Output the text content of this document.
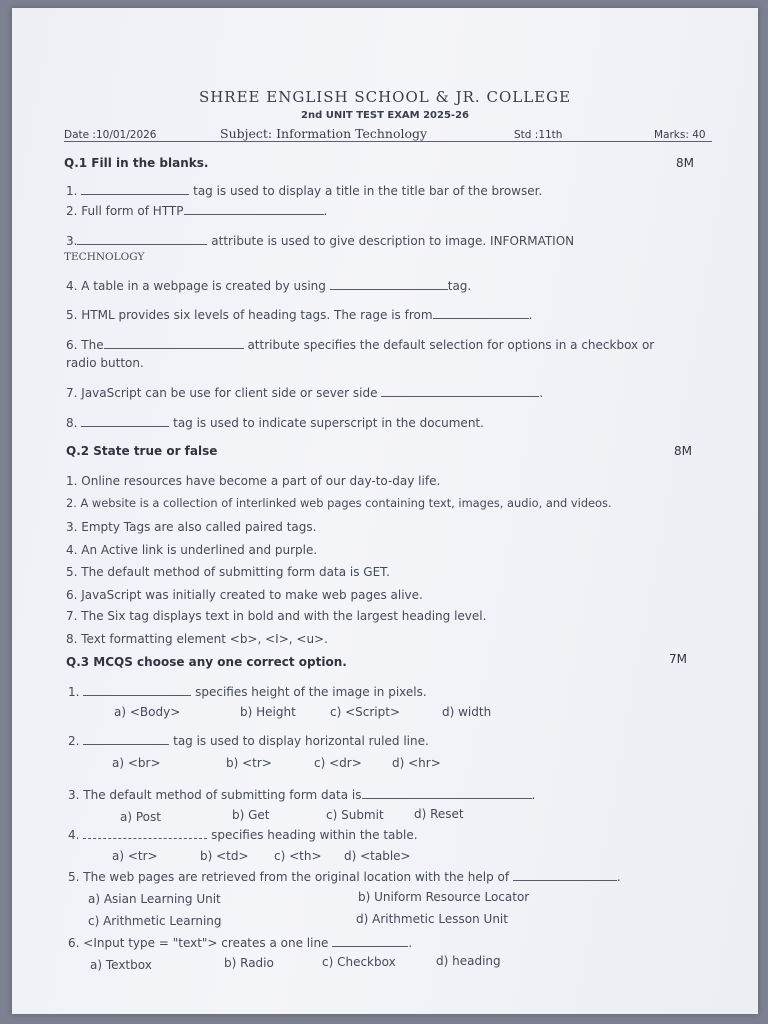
SHREE ENGLISH SCHOOL & JR. COLLEGE
2nd UNIT TEST EXAM 2025-26
Date :10/01/2026	Subject: Information Technology	Std :11th	Marks: 40
Q.1 Fill in the blanks.	8M
1.	tag is used to display a title in the title bar of the browser.
2. Full form of HTTP	.
3.	attribute is used to give description to image. INFORMATION
TECHNOLOGY
4. A table in a webpage is created by using	tag.
5. HTML provides six levels of heading tags. The rage is from	.
6. The	attribute specifies the default selection for options in a checkbox or
radio button.
7. JavaScript can be use for client side or sever side	.
8.	tag is used to indicate superscript in the document.
Q.2 State true or false	8M
1. Online resources have become a part of our day-to-day life.
2. A website is a collection of interlinked web pages containing text, images, audio, and videos.
3. Empty Tags are also called paired tags.
4. An Active link is underlined and purple.
5. The default method of submitting form data is GET.
6. JavaScript was initially created to make web pages alive.
7. The Six tag displays text in bold and with the largest heading level.
8. Text formatting element <b>, <I>, <u>.
Q.3 MCQS choose any one correct option.	7M
1.	specifies height of the image in pixels.
a) <Body>	b) Height	c) <Script>	d) width
2.	tag is used to display horizontal ruled line.
a) <br>	b) <tr>	c) <dr>	d) <hr>
3. The default method of submitting form data is	.
a) Post	b) Get	c) Submit	d) Reset
4.	specifies heading within the table.
a) <tr>	b) <td> c) <th> d) <table>
5. The web pages are retrieved from the original location with the help of	.
a) Asian Learning Unit	b) Uniform Resource Locator
c) Arithmetic Learning	d) Arithmetic Lesson Unit
6. <Input type = "text"> creates a one line	.
a) Textbox	b) Radio	c) Checkbox	d) heading
